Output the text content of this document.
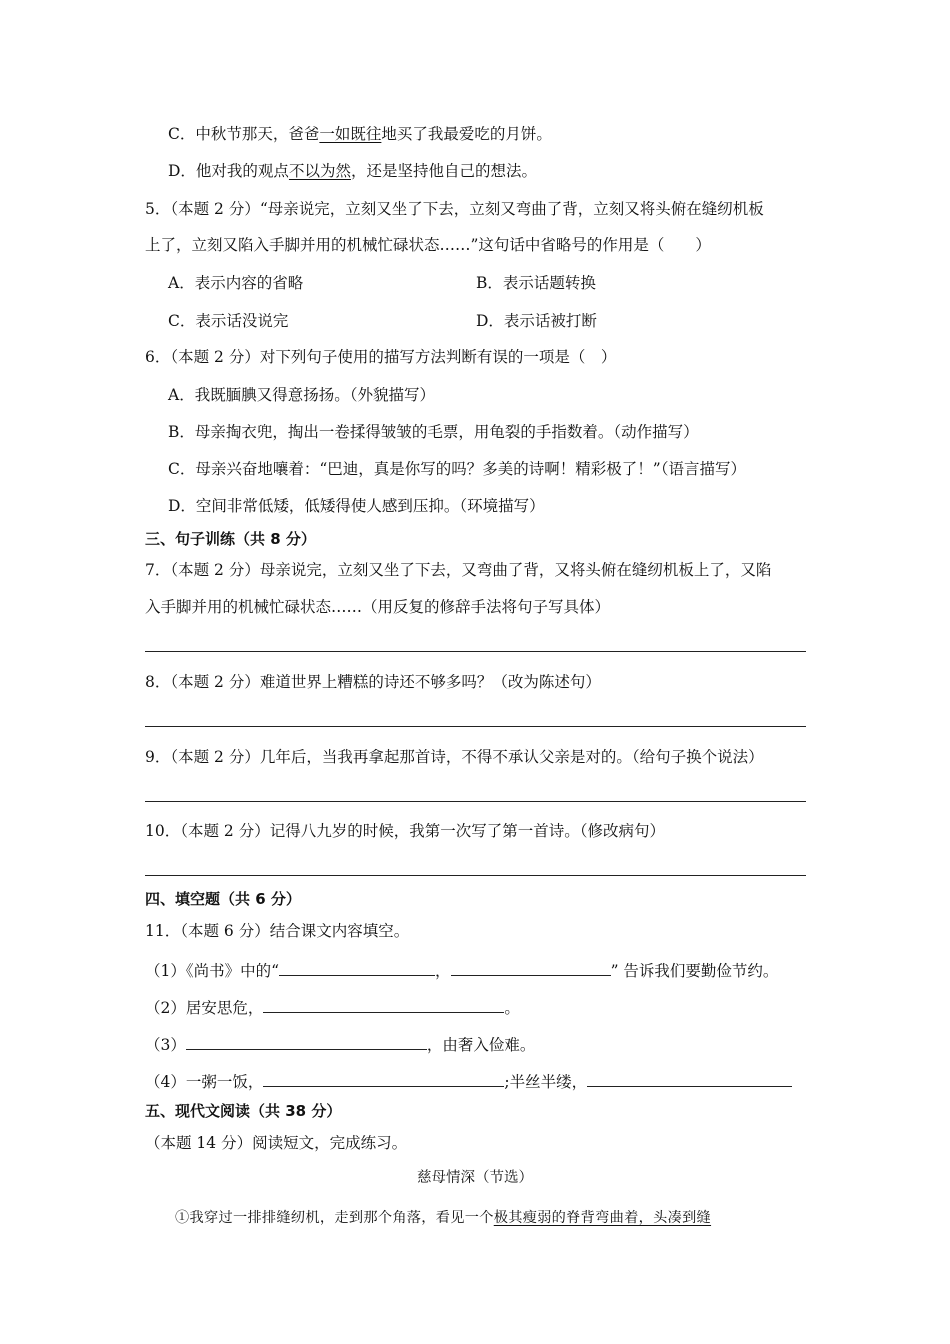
C．中秋节那天，爸爸一如既往地买了我最爱吃的月饼。
D．他对我的观点不以为然，还是坚持他自己的想法。
5．（本题 2 分）“母亲说完，立刻又坐了下去，立刻又弯曲了背，立刻又将头俯在缝纫机板
上了，立刻又陷入手脚并用的机械忙碌状态……”这句话中省略号的作用是（　　）
A．表示内容的省略	B．表示话题转换
C．表示话没说完	D．表示话被打断
6．（本题 2 分）对下列句子使用的描写方法判断有误的一项是（　）
A．我既腼腆又得意扬扬。（外貌描写）
B．母亲掏衣兜，掏出一卷揉得皱皱的毛票，用龟裂的手指数着。（动作描写）
C．母亲兴奋地嚷着：“巴迪，真是你写的吗？多美的诗啊！精彩极了！”（语言描写）
D．空间非常低矮，低矮得使人感到压抑。（环境描写）
三、句子训练（共 8 分）
7．（本题 2 分）母亲说完，立刻又坐了下去，又弯曲了背，又将头俯在缝纫机板上了，又陷
入手脚并用的机械忙碌状态……（用反复的修辞手法将句子写具体）
8．（本题 2 分）难道世界上糟糕的诗还不够多吗？（改为陈述句）
9．（本题 2 分）几年后，当我再拿起那首诗，不得不承认父亲是对的。（给句子换个说法）
10．（本题 2 分）记得八九岁的时候，我第一次写了第一首诗。（修改病句）
四、填空题（共 6 分）
11．（本题 6 分）结合课文内容填空。
（1）《尚书》中的“	，	” 告诉我们要勤俭节约。
（2）居安思危，	。
（3）	，由奢入俭难。
（4）一粥一饭，	;半丝半缕，
五、现代文阅读（共 38 分）
（本题 14 分）阅读短文，完成练习。
慈母情深（节选）
①我穿过一排排缝纫机，走到那个角落，看见一个极其瘦弱的脊背弯曲着，头凑到缝
